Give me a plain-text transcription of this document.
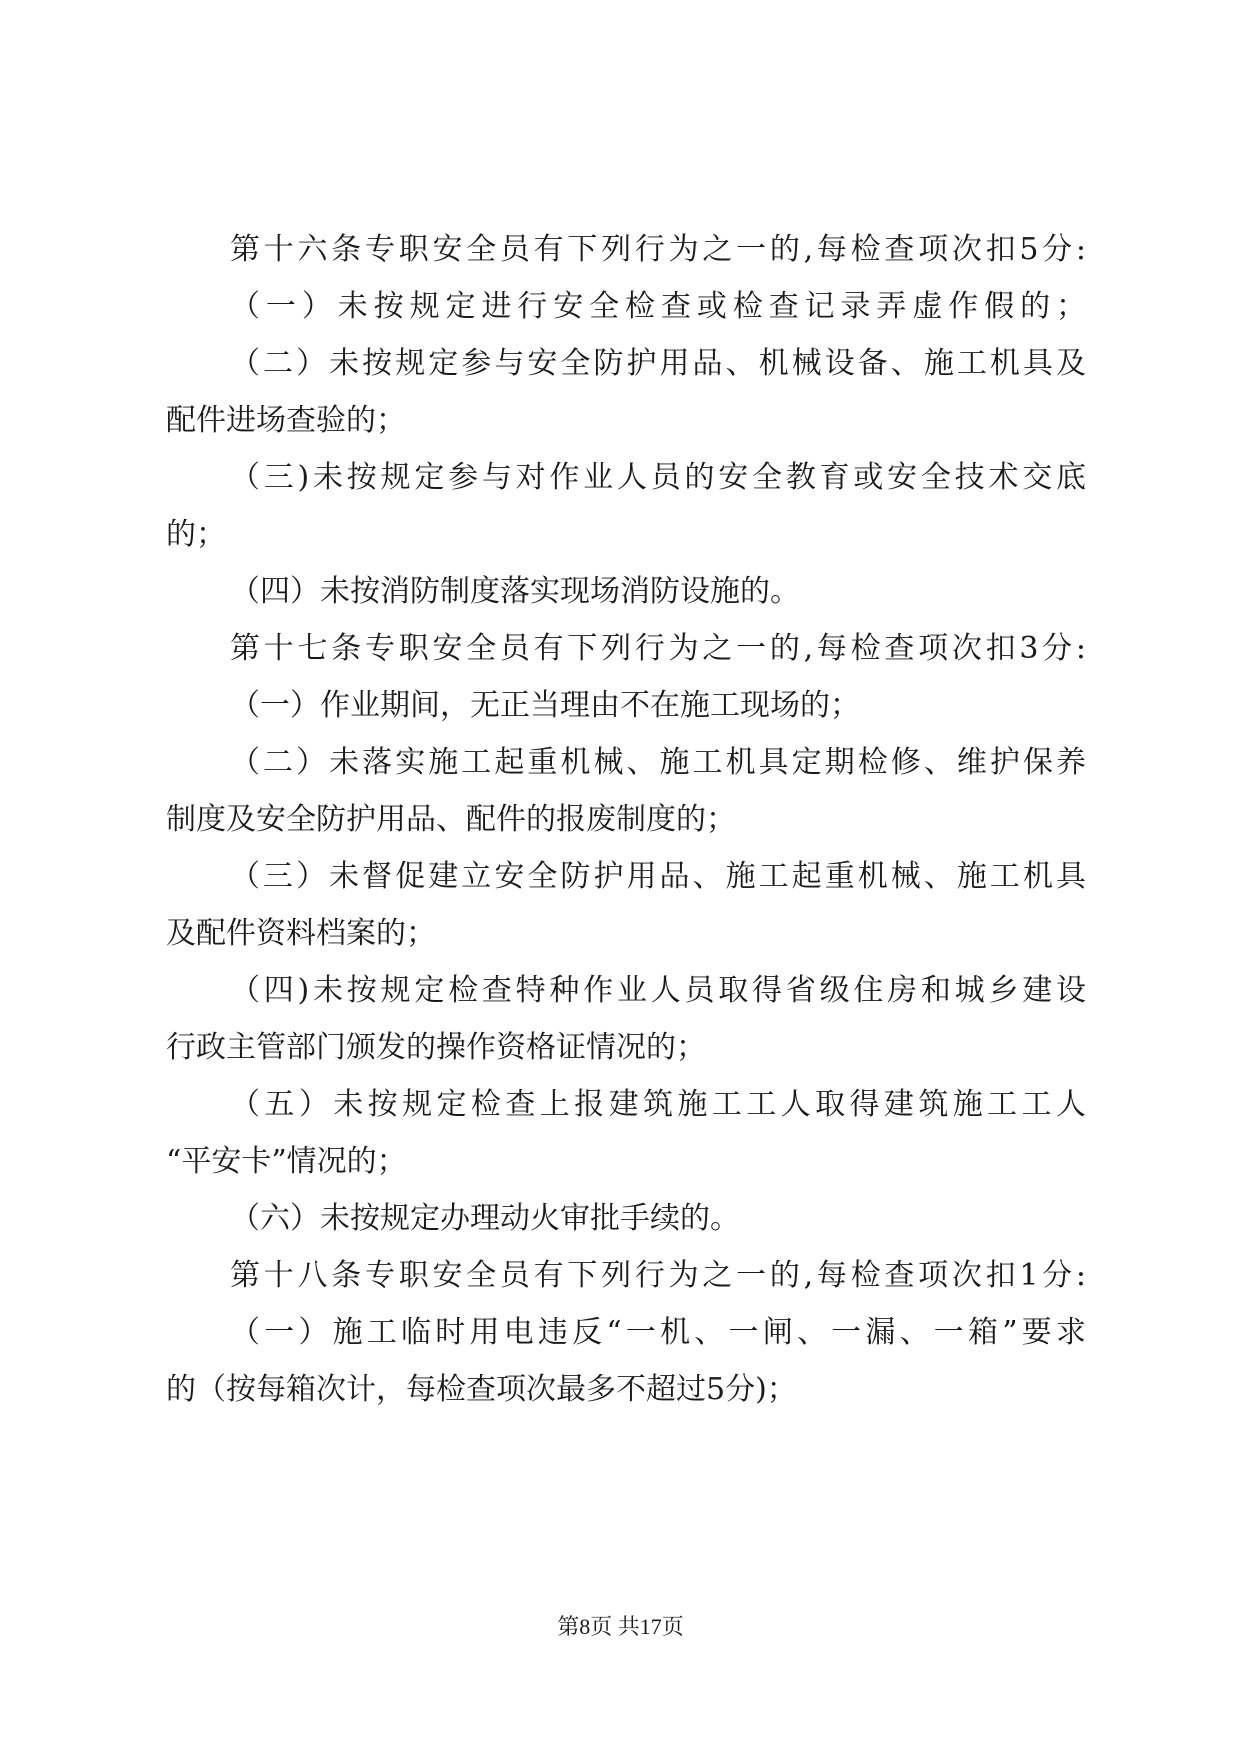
第十六条专职安全员有下列行为之一的,每检查项次扣5分:
（一）未按规定进行安全检查或检查记录弄虚作假的；
（二）未按规定参与安全防护用品、机械设备、施工机具及
配件进场查验的；
（三)未按规定参与对作业人员的安全教育或安全技术交底
的；
（四）未按消防制度落实现场消防设施的。
第十七条专职安全员有下列行为之一的,每检查项次扣3分:
（一）作业期间，无正当理由不在施工现场的；
（二）未落实施工起重机械、施工机具定期检修、维护保养
制度及安全防护用品、配件的报废制度的；
（三）未督促建立安全防护用品、施工起重机械、施工机具
及配件资料档案的；
（四)未按规定检查特种作业人员取得省级住房和城乡建设
行政主管部门颁发的操作资格证情况的；
（五）未按规定检查上报建筑施工工人取得建筑施工工人
“平安卡”情况的；
（六）未按规定办理动火审批手续的。
第十八条专职安全员有下列行为之一的,每检查项次扣1分:
（一）施工临时用电违反“一机、一闸、一漏、一箱”要求
的（按每箱次计，每检查项次最多不超过5分)；
第8页 共17页
